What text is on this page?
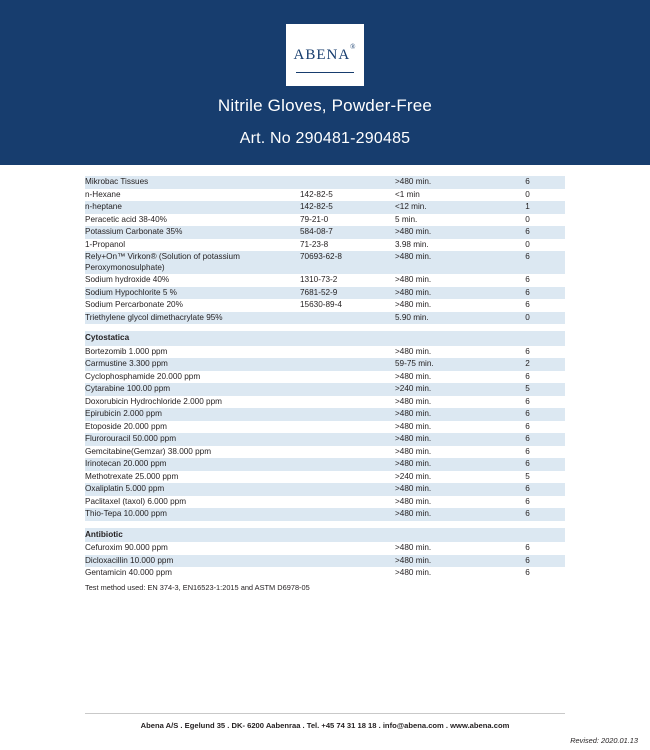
ABENA®
Nitrile Gloves, Powder-Free
Art. No 290481-290485
Mikrobac Tissues		>480 min.	6
n-Hexane	142-82-5	<1 min	0
n-heptane	142-82-5	<12 min.	1
Peracetic acid 38-40%	79-21-0	5 min.	0
Potassium Carbonate 35%	584-08-7	>480 min.	6
1-Propanol	71-23-8	3.98 min.	0
Rely+On™ Virkon® (Solution of potassium Peroxymonosulphate)	70693-62-8	>480 min.	6
Sodium hydroxide 40%	1310-73-2	>480 min.	6
Sodium Hypochlorite 5 %	7681-52-9	>480 min.	6
Sodium Percarbonate 20%	15630-89-4	>480 min.	6
Triethylene glycol dimethacrylate 95%		5.90 min.	0

Cytostatica			
Bortezomib 1.000 ppm		>480 min.	6
Carmustine 3.300 ppm		59-75 min.	2
Cyclophosphamide 20.000 ppm		>480 min.	6
Cytarabine 100.00 ppm		>240 min.	5
Doxorubicin Hydrochloride 2.000 ppm		>480 min.	6
Epirubicin 2.000 ppm		>480 min.	6
Etoposide 20.000 ppm		>480 min.	6
Flurorouracil 50.000 ppm		>480 min.	6
Gemcitabine(Gemzar) 38.000 ppm		>480 min.	6
Irinotecan 20.000 ppm		>480 min.	6
Methotrexate 25.000 ppm		>240 min.	5
Oxaliplatin 5.000 ppm		>480 min.	6
Paclitaxel (taxol) 6.000 ppm		>480 min.	6
Thio-Tepa 10.000 ppm		>480 min.	6

Antibiotic			
Cefuroxim 90.000 ppm		>480 min.	6
Dicloxacillin 10.000 ppm		>480 min.	6
Gentamicin 40.000 ppm		>480 min.	6
Test method used: EN 374-3, EN16523-1:2015 and ASTM D6978-05
Abena A/S . Egelund 35 . DK- 6200 Aabenraa . Tel. +45 74 31 18 18 . info@abena.com . www.abena.com
Revised: 2020.01.13
